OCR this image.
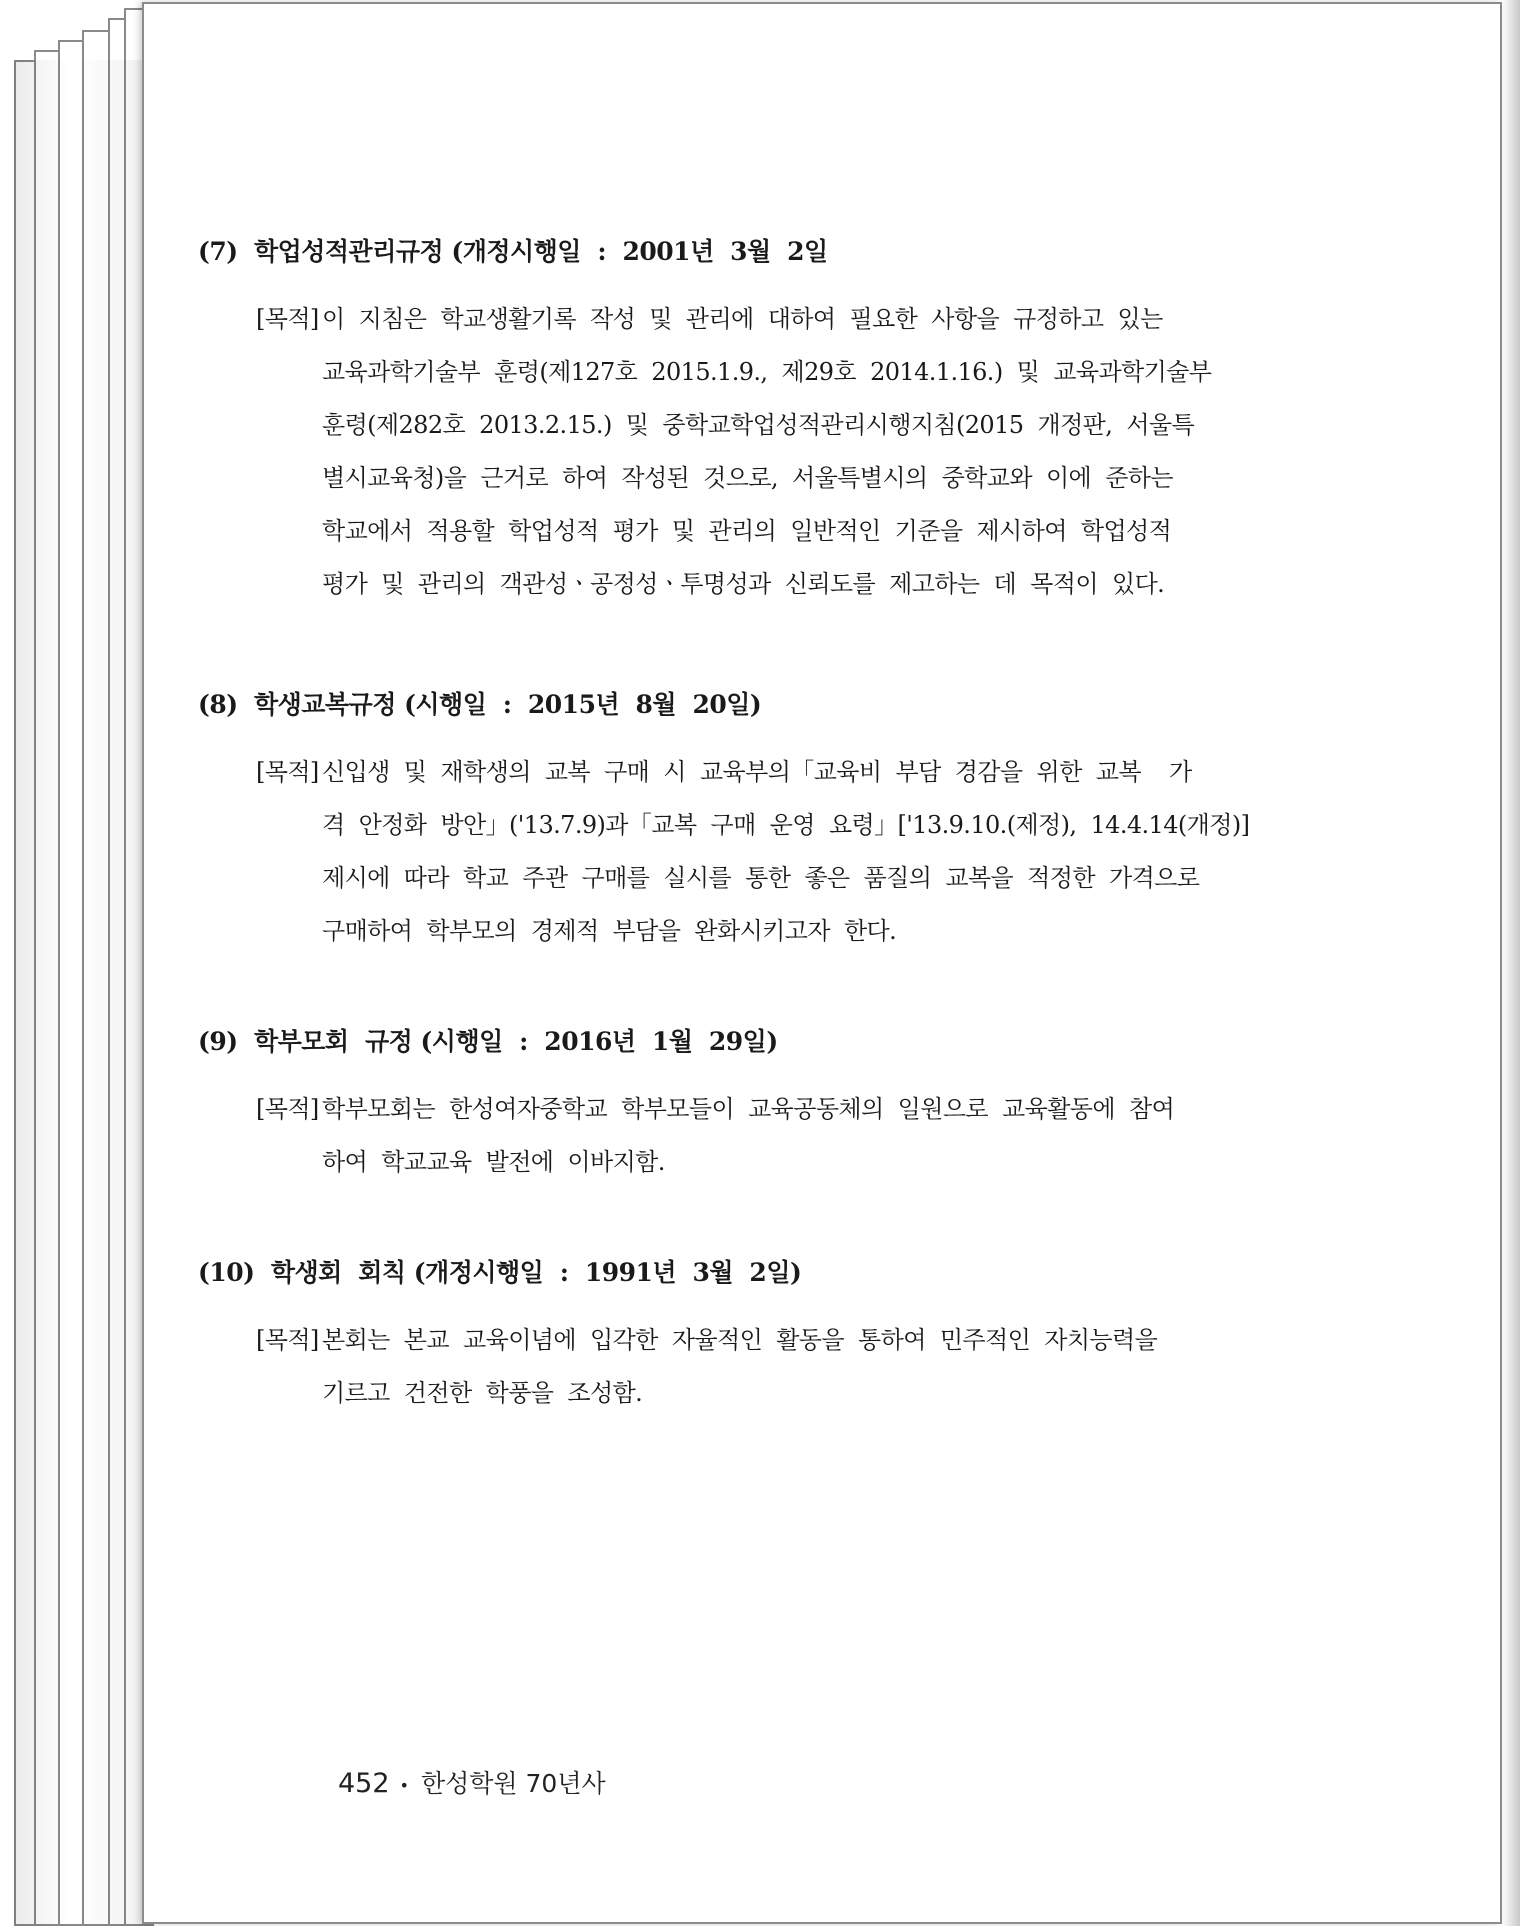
(7)  학업성적관리규정 (개정시행일  :  2001년  3월  2일

[목적] 이  지침은  학교생활기록  작성  및  관리에  대하여  필요한  사항을  규정하고  있는
교육과학기술부  훈령(제127호  2015.1.9.,  제29호  2014.1.16.)  및  교육과학기술부
훈령(제282호  2013.2.15.)  및  중학교학업성적관리시행지침(2015  개정판,  서울특
별시교육청)을  근거로  하여  작성된  것으로,  서울특별시의  중학교와  이에  준하는
학교에서  적용할  학업성적  평가  및  관리의  일반적인  기준을  제시하여  학업성적
평가  및  관리의  객관성ㆍ공정성ㆍ투명성과  신뢰도를  제고하는  데  목적이  있다.

(8)  학생교복규정 (시행일  :  2015년  8월  20일)

[목적] 신입생  및  재학생의  교복  구매  시  교육부의「교육비  부담  경감을  위한  교복    가
격  안정화  방안」('13.7.9)과「교복  구매  운영  요령」['13.9.10.(제정),  14.4.14(개정)]
제시에  따라  학교  주관  구매를  실시를  통한  좋은  품질의  교복을  적정한  가격으로
구매하여  학부모의  경제적  부담을  완화시키고자  한다.

(9)  학부모회  규정 (시행일  :  2016년  1월  29일)

[목적] 학부모회는  한성여자중학교  학부모들이  교육공동체의  일원으로  교육활동에  참여
하여  학교교육  발전에  이바지함.

(10)  학생회  회칙 (개정시행일  :  1991년  3월  2일)

[목적] 본회는  본교  교육이념에  입각한  자율적인  활동을  통하여  민주적인  자치능력을
기르고  건전한  학풍을  조성함.
452 • 한성학원 70년사
